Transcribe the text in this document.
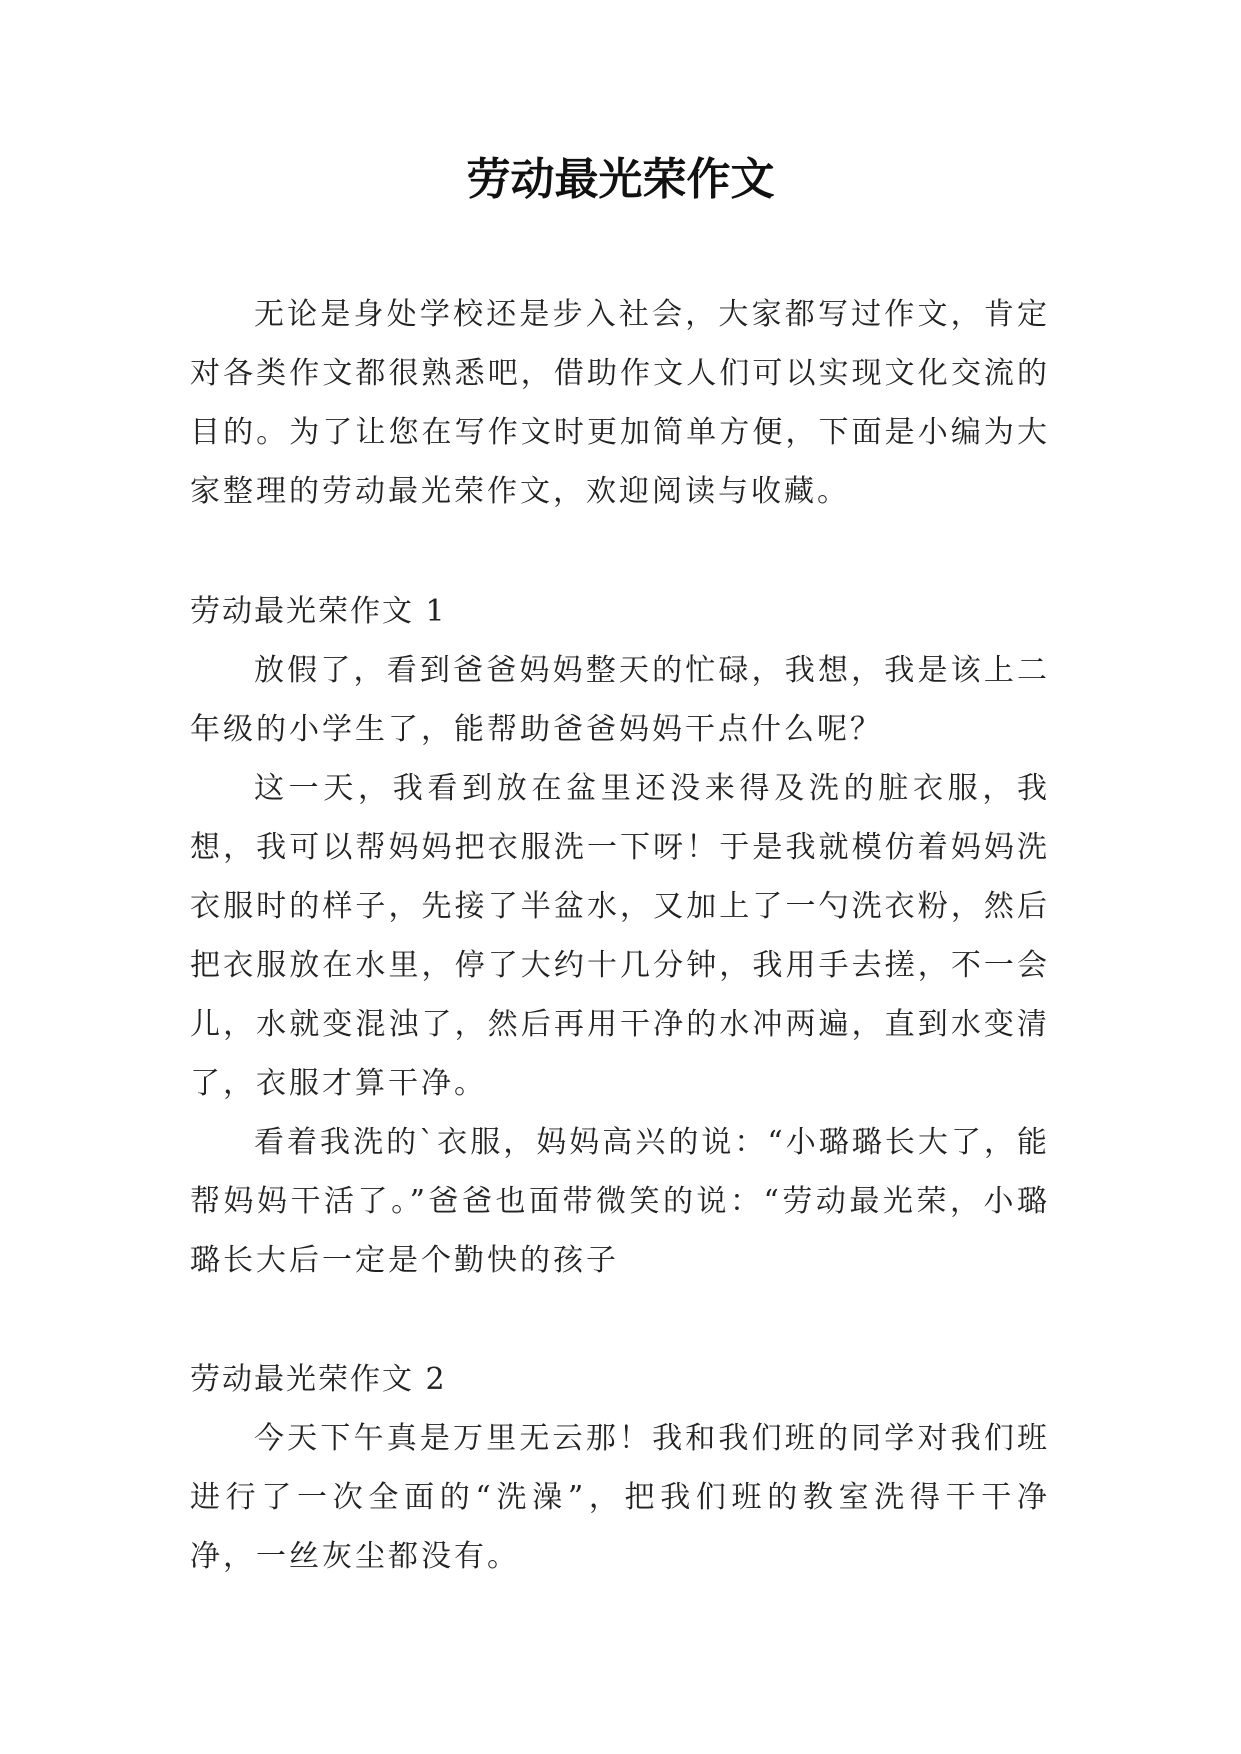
劳动最光荣作文

无论是身处学校还是步入社会，大家都写过作文，肯定对各类作文都很熟悉吧，借助作文人们可以实现文化交流的目的。为了让您在写作文时更加简单方便，下面是小编为大家整理的劳动最光荣作文，欢迎阅读与收藏。

劳动最光荣作文 1

放假了，看到爸爸妈妈整天的忙碌，我想，我是该上二年级的小学生了，能帮助爸爸妈妈干点什么呢？

这一天，我看到放在盆里还没来得及洗的脏衣服，我想，我可以帮妈妈把衣服洗一下呀！于是我就模仿着妈妈洗衣服时的样子，先接了半盆水，又加上了一勺洗衣粉，然后把衣服放在水里，停了大约十几分钟，我用手去搓，不一会儿，水就变混浊了，然后再用干净的水冲两遍，直到水变清了，衣服才算干净。

看着我洗的`衣服，妈妈高兴的说：“小璐璐长大了，能帮妈妈干活了。”爸爸也面带微笑的说：“劳动最光荣，小璐璐长大后一定是个勤快的孩子

劳动最光荣作文 2

今天下午真是万里无云那！我和我们班的同学对我们班进行了一次全面的“洗澡”，把我们班的教室洗得干干净净，一丝灰尘都没有。
